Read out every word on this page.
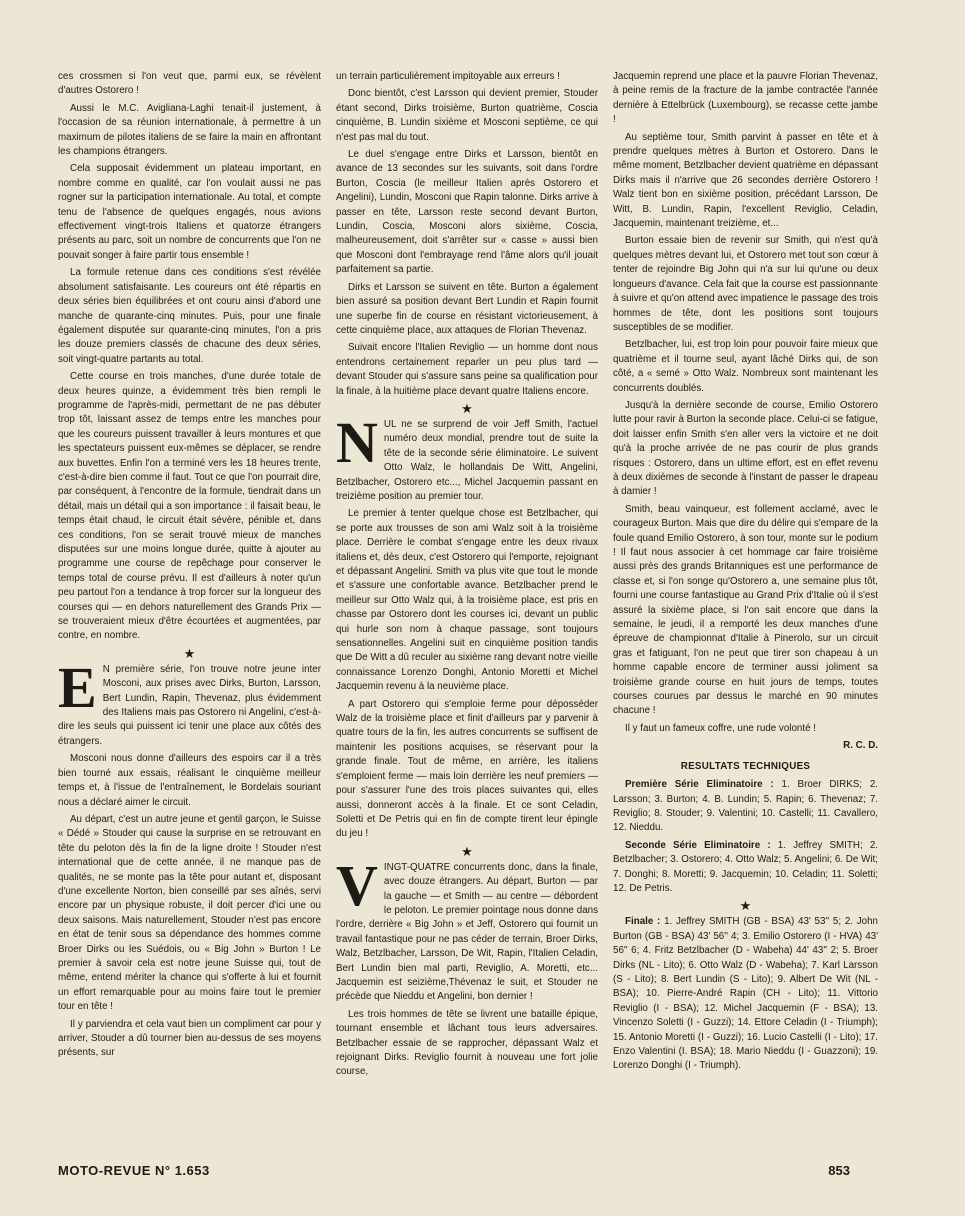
ces crossmen si l'on veut que, parmi eux, se révèlent d'autres Ostorero !

Aussi le M.C. Avigliana-Laghi tenait-il justement, à l'occasion de sa réunion internationale, à permettre à un maximum de pilotes italiens de se faire la main en affrontant les champions étrangers.

Cela supposait évidemment un plateau important, en nombre comme en qualité, car l'on voulait aussi ne pas rogner sur la participation internationale. Au total, et compte tenu de l'absence de quelques engagés, nous avions effectivement vingt-trois Italiens et quatorze étrangers présents au parc, soit un nombre de concurrents que l'on ne pouvait songer à faire partir tous ensemble !

La formule retenue dans ces conditions s'est révélée absolument satisfaisante. Les coureurs ont été répartis en deux séries bien équilibrées et ont couru ainsi d'abord une manche de quarante-cinq minutes. Puis, pour une finale également disputée sur quarante-cinq minutes, l'on a pris les douze premiers classés de chacune des deux séries, soit vingt-quatre partants au total.

Cette course en trois manches, d'une durée totale de deux heures quinze, a évidemment très bien rempli le programme de l'après-midi, permettant de ne pas débuter trop tôt, laissant assez de temps entre les manches pour que les coureurs puissent travailler à leurs montures et que les spectateurs puissent eux-mêmes se déplacer, se rendre aux buvettes. Enfin l'on a terminé vers les 18 heures trente, c'est-à-dire bien comme il faut. Tout ce que l'on pourrait dire, par conséquent, à l'encontre de la formule, tiendrait dans un détail, mais un détail qui a son importance : il faisait beau, le temps était chaud, le circuit était sévère, pénible et, dans ces conditions, l'on se serait trouvé mieux de manches disputées sur une moins longue durée, quitte à ajouter au programme une course de repêchage pour conserver le temps total de course prévu. Il est d'ailleurs à noter qu'un peu partout l'on a tendance à trop forcer sur la longueur des courses qui — en dehors naturellement des Grands Prix — se trouveraient mieux d'être écourtées et augmentées, par contre, en nombre.

★

E N première série, l'on trouve notre jeune inter Mosconi, aux prises avec Dirks, Burton, Larsson, Bert Lundin, Rapin, Thevenaz, plus évidemment des Italiens mais pas Ostorero ni Angelini, c'est-à-dire les seuls qui puissent ici tenir une place aux côtés des étrangers.

Mosconi nous donne d'ailleurs des espoirs car il a très bien tourné aux essais, réalisant le cinquième meilleur temps et, à l'issue de l'entraînement, le Bordelais souriant nous a déclaré aimer le circuit.

Au départ, c'est un autre jeune et gentil garçon, le Suisse « Dédé » Stouder qui cause la surprise en se retrouvant en tête du peloton dès la fin de la ligne droite ! Stouder n'est international que de cette année, il ne manque pas de qualités, ne se monte pas la tête pour autant et, disposant d'une excellente Norton, bien conseillé par ses aînés, servi encore par un physique robuste, il doit percer d'ici une ou deux saisons. Mais naturellement, Stouder n'est pas encore en état de tenir sous sa dépendance des hommes comme Broer Dirks ou les Suédois, ou « Big John » Burton ! Le premier à savoir cela est notre jeune Suisse qui, tout de même, entend mériter la chance qui s'offerte à lui et fournit un effort remarquable pour au moins faire tout le premier tour en tête !

Il y parviendra et cela vaut bien un compliment car pour y arriver, Stouder a dû tourner bien au-dessus de ses moyens présents, sur

un terrain particulièrement impitoyable aux erreurs !

Donc bientôt, c'est Larsson qui devient premier, Stouder étant second, Dirks troisième, Burton quatrième, Coscia cinquième, B. Lundin sixième et Mosconi septième, ce qui n'est pas mal du tout.

Le duel s'engage entre Dirks et Larsson, bientôt en avance de 13 secondes sur les suivants, soit dans l'ordre Burton, Coscia (le meilleur Italien après Ostorero et Angelini), Lundin, Mosconi que Rapin talonne. Dirks arrive à passer en tête, Larsson reste second devant Burton, Lundin, Coscia, Mosconi alors sixième, Coscia, malheureusement, doit s'arrêter sur « casse » aussi bien que Mosconi dont l'embrayage rend l'âme alors qu'il jouait parfaitement sa partie.

Dirks et Larsson se suivent en tête. Burton a également bien assuré sa position devant Bert Lundin et Rapin fournit une superbe fin de course en résistant victorieusement, à cette cinquième place, aux attaques de Florian Thevenaz.

Suivait encore l'Italien Reviglio — un homme dont nous entendrons certainement reparler un peu plus tard — devant Stouder qui s'assure sans peine sa qualification pour la finale, à la huitième place devant quatre Italiens encore.

★

NUL ne se surprend de voir Jeff Smith, l'actuel numéro deux mondial, prendre tout de suite la tête de la seconde série éliminatoire. Le suivent Otto Walz, le hollandais De Witt, Angelini, Betzlbacher, Ostorero etc..., Michel Jacquemin passant en treizième position au premier tour.

Le premier à tenter quelque chose est Betzlbacher, qui se porte aux trousses de son ami Walz soit à la troisième place. Derrière le combat s'engage entre les deux rivaux italiens et, dès deux, c'est Ostorero qui l'emporte, rejoignant et dépassant Angelini. Smith va plus vite que tout le monde et s'assure une confortable avance. Betzlbacher prend le meilleur sur Otto Walz qui, à la troisième place, est pris en chasse par Ostorero dont les courses ici, devant un public qui hurle son nom à chaque passage, sont toujours sensationnelles. Angelini suit en cinquième position tandis que De Witt a dû reculer au sixième rang devant notre vieille connaissance Lorenzo Donghi, Antonio Moretti et Michel Jacquemin revenu à la neuvième place.

A part Ostorero qui s'emploie ferme pour déposséder Walz de la troisième place et finit d'ailleurs par y parvenir à quatre tours de la fin, les autres concurrents se suffisent de maintenir les positions acquises, se réservant pour la grande finale. Tout de même, en arrière, les italiens s'emploient ferme — mais loin derrière les neuf premiers — pour s'assurer l'une des trois places suivantes qui, elles aussi, donneront accès à la finale. Et ce sont Celadin, Soletti et De Petris qui en fin de compte tirent leur épingle du jeu !

★

VINGT-QUATRE concurrents donc, dans la finale, avec douze étrangers. Au départ, Burton — par la gauche — et Smith — au centre — débordent le peloton. Le premier pointage nous donne dans l'ordre, derrière « Big John » et Jeff, Ostorero qui fournit un travail fantastique pour ne pas céder de terrain, Broer Dirks, Walz, Betzlbacher, Larsson, De Wit, Rapin, l'Italien Celadin, Bert Lundin bien mal parti, Reviglio, A. Moretti, etc... Jacquemin est seizième,Thévenaz le suit, et Stouder ne précède que Nieddu et Angelini, bon dernier !

Les trois hommes de tête se livrent une bataille épique, tournant ensemble et lâchant tous leurs adversaires. Betzlbacher essaie de se rapprocher, dépassant Walz et rejoignant Dirks. Reviglio fournit à nouveau une fort jolie course,

Jacquemin reprend une place et la pauvre Florian Thevenaz, à peine remis de la fracture de la jambe contractée l'année dernière à Ettelbrück (Luxembourg), se recasse cette jambe !

Au septième tour, Smith parvint à passer en tête et à prendre quelques mètres à Burton et Ostorero. Dans le même moment, Betzlbacher devient quatrième en dépassant Dirks mais il n'arrive que 26 secondes derrière Ostorero ! Walz tient bon en sixième position, précédant Larsson, De Witt, B. Lundin, Rapin, l'excellent Reviglio, Celadin, Jacquemin, maintenant treizième, et...

Burton essaie bien de revenir sur Smith, qui n'est qu'à quelques mètres devant lui, et Ostorero met tout son cœur à tenter de rejoindre Big John qui n'a sur lui qu'une ou deux longueurs d'avance. Cela fait que la course est passionnante à suivre et qu'on attend avec impatience le passage des trois hommes de tête, dont les positions sont toujours susceptibles de se modifier.

Betzlbacher, lui, est trop loin pour pouvoir faire mieux que quatrième et il tourne seul, ayant lâché Dirks qui, de son côté, a « semé » Otto Walz. Nombreux sont maintenant les concurrents doublés.

Jusqu'à la dernière seconde de course, Emilio Ostorero lutte pour ravir à Burton la seconde place. Celui-ci se fatigue, doit laisser enfin Smith s'en aller vers la victoire et ne doit qu'à la proche arrivée de ne pas courir de plus grands risques : Ostorero, dans un ultime effort, est en effet revenu à deux dixièmes de seconde à l'instant de passer le drapeau à damier !

Smith, beau vainqueur, est follement acclamé, avec le courageux Burton. Mais que dire du délire qui s'empare de la foule quand Emilio Ostorero, à son tour, monte sur le podium ! Il faut nous associer à cet hommage car faire troisième aussi près des grands Britanniques est une performance de classe et, si l'on songe qu'Ostorero a, une semaine plus tôt, fourni une course fantastique au Grand Prix d'Italie où il s'est assuré la sixième place, si l'on sait encore que dans la semaine, le jeudi, il a remporté les deux manches d'une épreuve de championnat d'Italie à Pinerolo, sur un circuit gras et fatiguant, l'on ne peut que tirer son chapeau à un homme capable encore de terminer aussi joliment sa troisième grande course en huit jours de temps, toutes courses courues par dessus le marché en 90 minutes chacune !

Il y faut un fameux coffre, une rude volonté !

R. C. D.
RESULTATS TECHNIQUES

Première Série Eliminatoire : 1. Broer DIRKS; 2. Larsson; 3. Burton; 4. B. Lundin; 5. Rapin; 6. Thevenaz; 7. Reviglio; 8. Stouder; 9. Valentini; 10. Castelli; 11. Cavallero, 12. Nieddu.

Seconde Série Eliminatoire : 1. Jeffrey SMITH; 2. Betzlbacher; 3. Ostorero; 4. Otto Walz; 5. Angelini; 6. De Wit; 7. Donghi; 8. Moretti; 9. Jacquemin; 10. Celadin; 11. Soletti; 12. De Petris.

★

Finale : 1. Jeffrey SMITH (GB - BSA) 43' 53'' 5; 2. John Burton (GB - BSA) 43' 56'' 4; 3. Emilio Ostorero (I - HVA) 43' 56'' 6; 4. Fritz Betzlbacher (D - Wabeha) 44' 43'' 2; 5. Broer Dirks (NL - Lito); 6. Otto Walz (D - Wabeha); 7. Karl Larsson (S - Lito); 8. Bert Lundin (S - Lito); 9. Albert De Wit (NL - BSA); 10. Pierre-André Rapin (CH - Lito); 11. Vittorio Reviglio (I - BSA); 12. Michel Jacquemin (F - BSA); 13. Vincenzo Soletti (I - Guzzi); 14. Ettore Celadin (I - Triumph); 15. Antonio Moretti (I - Guzzi); 16. Lucio Castelli (I - Lito); 17. Enzo Valentini (I. BSA); 18. Mario Nieddu (I - Guazzoni); 19. Lorenzo Donghi (I - Triumph).

MOTO-REVUE N° 1.653	853
